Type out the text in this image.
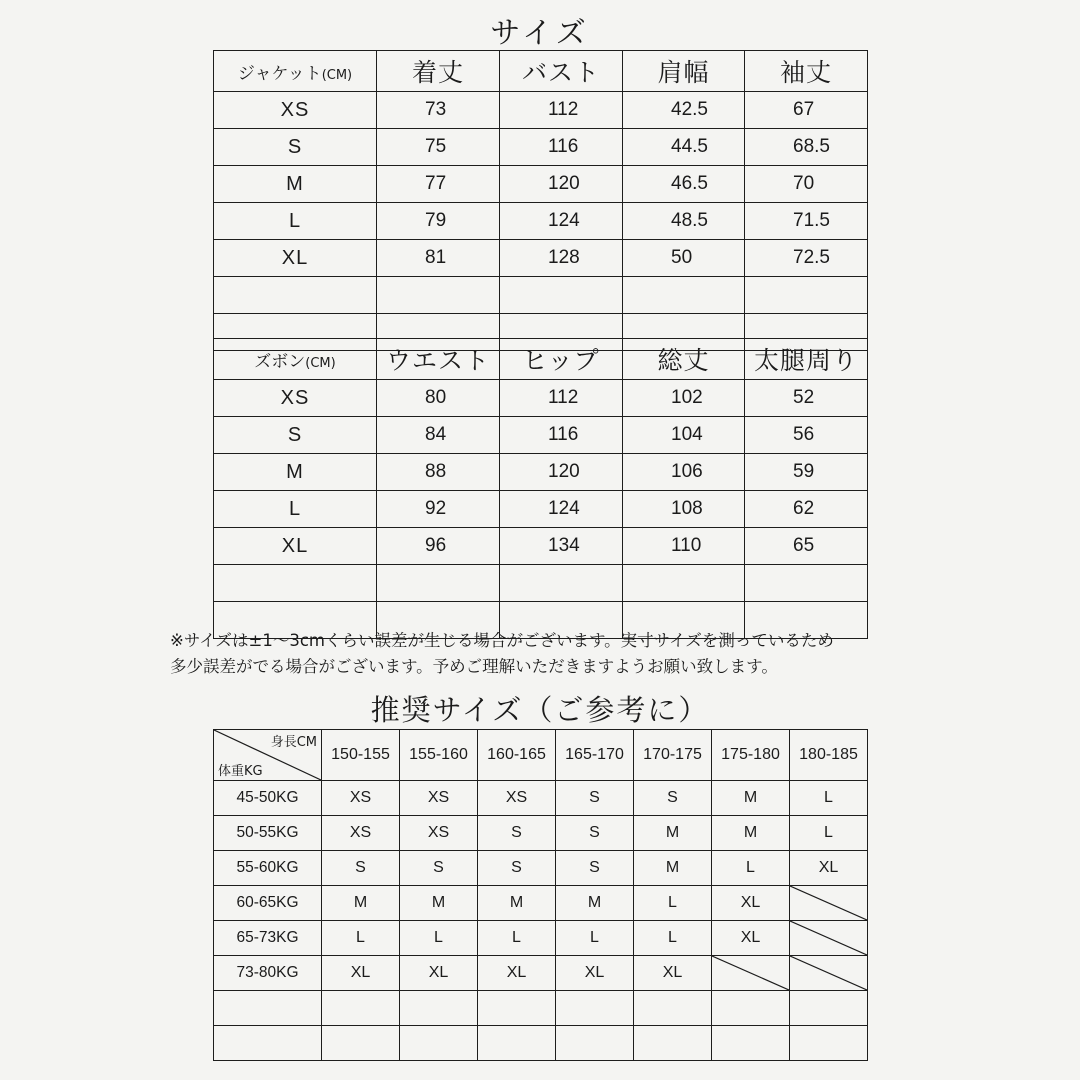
サイズ
ジャケット(CM)	着丈	バスト	肩幅	袖丈
XS	73	112	42.5	67
S	75	116	44.5	68.5
M	77	120	46.5	70
L	79	124	48.5	71.5
XL	81	128	50	72.5

ズボン(CM)	ウエスト	ヒップ	総丈	太腿周り
XS	80	112	102	52
S	84	116	104	56
M	88	120	106	59
L	92	124	108	62
XL	96	134	110	65

※サイズは±1〜3cmくらい誤差が生じる場合がございます。実寸サイズを測っているため
多少誤差がでる場合がございます。予めご理解いただきますようお願い致します。
推奨サイズ（ご参考に）
身長CM
体重KG	150-155	155-160	160-165	165-170	170-175	175-180	180-185
45-50KG	XS	XS	XS	S	S	M	L
50-55KG	XS	XS	S	S	M	M	L
55-60KG	S	S	S	S	M	L	XL
60-65KG	M	M	M	M	L	XL	

65-73KG	L	L	L	L	L	XL	

73-80KG	XL	XL	XL	XL	XL	
